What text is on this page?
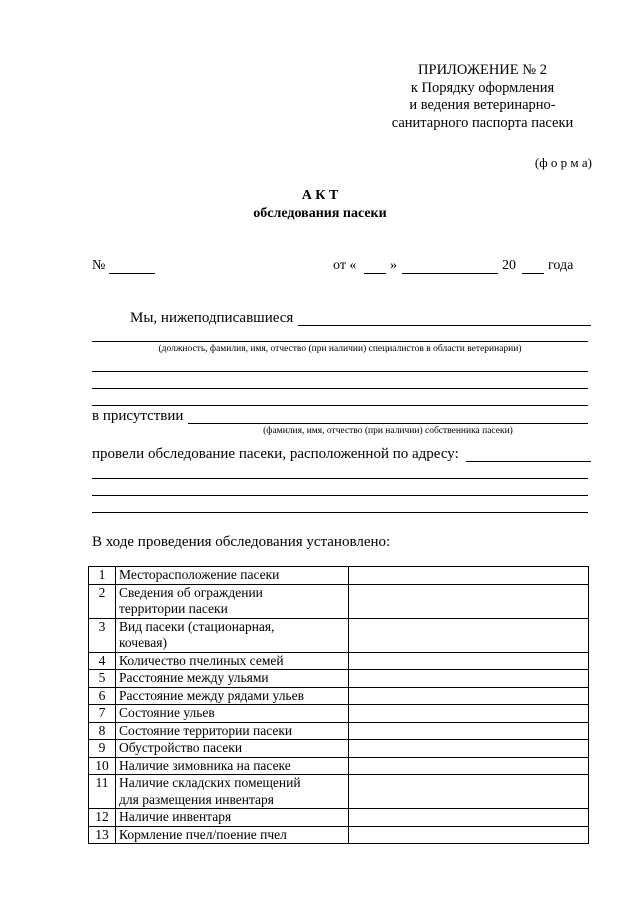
ПРИЛОЖЕНИЕ № 2
к Порядку оформления
и ведения ветеринарно-
санитарного паспорта пасеки
(ф о р м а)
А К Т
обследования пасеки
№	от « »	20 года
Мы, нижеподписавшиеся
(должность, фамилия, имя, отчество (при наличии) специалистов в области ветеринарии)
в присутствии
(фамилия, имя, отчество (при наличии) собственника пасеки)
провели обследование пасеки, расположенной по адресу:
В ходе проведения обследования установлено:
1	Месторасположение пасеки	

2	Сведения об ограждении
территории пасеки	

3	Вид пасеки (стационарная,
кочевая)	

4	Количество пчелиных семей	

5	Расстояние между ульями	

6	Расстояние между рядами ульев	

7	Состояние ульев	

8	Состояние территории пасеки	

9	Обустройство пасеки	

10	Наличие зимовника на пасеке	

11	Наличие складских помещений
для размещения инвентаря	

12	Наличие инвентаря	

13	Кормление пчел/поение пчел	
